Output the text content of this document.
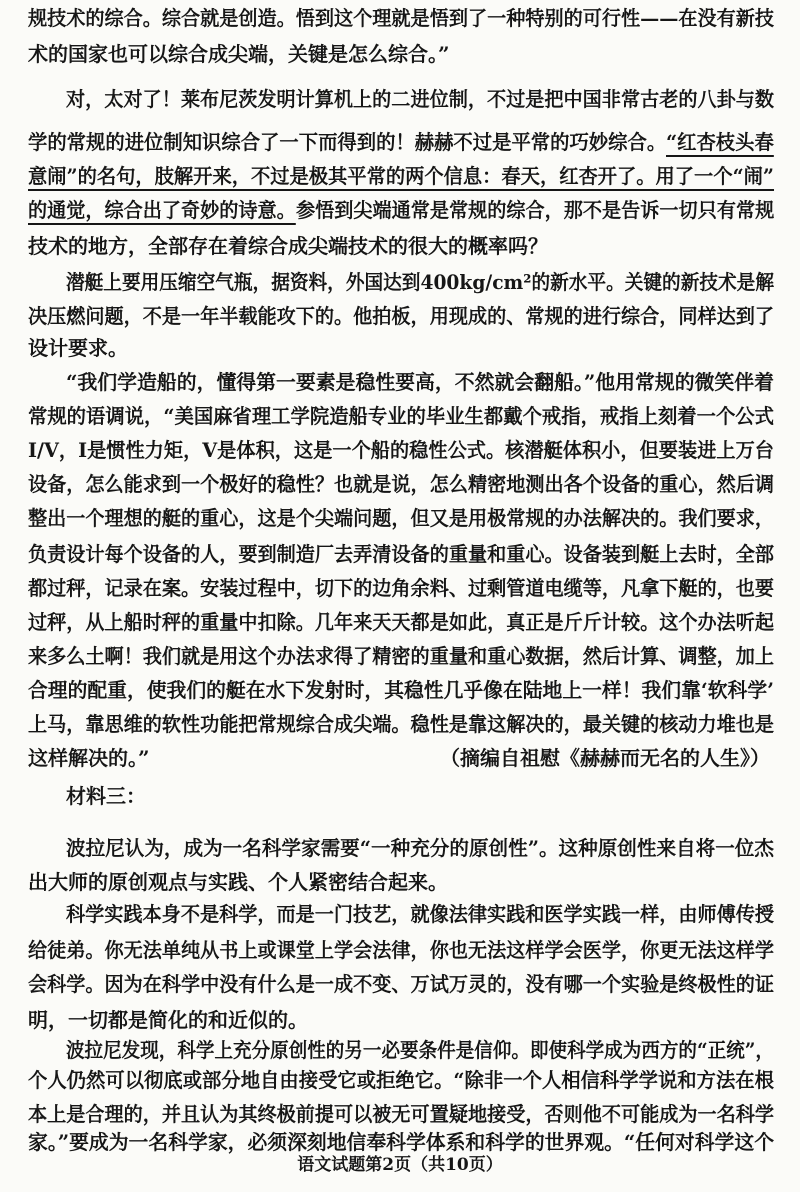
（摘编自祖慰《赫赫而无名的人生》）
材料三：
语文试题第2页（共10页）
规技术的综合。综合就是创造。悟到这个理就是悟到了一种特别的可行性——在没有新技
术的国家也可以综合成尖端，关键是怎么综合。”
对，太对了！莱布尼茨发明计算机上的二进位制，不过是把中国非常古老的八卦与数
学的常规的进位制知识综合了一下而得到的！赫赫不过是平常的巧妙综合。 “红杏枝头春
意闹”的名句，肢解开来，不过是极其平常的两个信息：春天，红杏开了。用了一个“闹”
的通觉，综合出了奇妙的诗意。 参悟到尖端通常是常规的综合，那不是告诉一切只有常规
技术的地方，全部存在着综合成尖端技术的很大的概率吗？
潜艇上要用压缩空气瓶，据资料，外国达到400kg/cm²的新水平。关键的新技术是解
决压燃问题，不是一年半载能攻下的。他拍板，用现成的、常规的进行综合，同样达到了
设计要求。
“我们学造船的，懂得第一要素是稳性要高，不然就会翻船。”他用常规的微笑伴着
常规的语调说，“美国麻省理工学院造船专业的毕业生都戴个戒指，戒指上刻着一个公式
I/V，I是惯性力矩，V是体积，这是一个船的稳性公式。核潜艇体积小，但要装进上万台
设备，怎么能求到一个极好的稳性？也就是说，怎么精密地测出各个设备的重心，然后调
整出一个理想的艇的重心，这是个尖端问题，但又是用极常规的办法解决的。我们要求，
负责设计每个设备的人，要到制造厂去弄清设备的重量和重心。设备装到艇上去时，全部
都过秤，记录在案。安装过程中，切下的边角余料、过剩管道电缆等，凡拿下艇的，也要
过秤，从上船时秤的重量中扣除。几年来天天都是如此，真正是斤斤计较。这个办法听起
来多么土啊！我们就是用这个办法求得了精密的重量和重心数据，然后计算、调整，加上
合理的配重，使我们的艇在水下发射时，其稳性几乎像在陆地上一样！我们靠‘软科学’
上马，靠思维的软性功能把常规综合成尖端。稳性是靠这解决的，最关键的核动力堆也是
这样解决的。”
波拉尼认为，成为一名科学家需要“一种充分的原创性”。这种原创性来自将一位杰
出大师的原创观点与实践、个人紧密结合起来。
科学实践本身不是科学，而是一门技艺，就像法律实践和医学实践一样，由师傅传授
给徒弟。你无法单纯从书上或课堂上学会法律，你也无法这样学会医学，你更无法这样学
会科学。因为在科学中没有什么是一成不变、万试万灵的，没有哪一个实验是终极性的证
明，一切都是简化的和近似的。
波拉尼发现，科学上充分原创性的另一必要条件是信仰。即使科学成为西方的“正统”，
个人仍然可以彻底或部分地自由接受它或拒绝它。“除非一个人相信科学学说和方法在根
本上是合理的，并且认为其终极前提可以被无可置疑地接受，否则他不可能成为一名科学
家。”要成为一名科学家，必须深刻地信奉科学体系和科学的世界观。“任何对科学这个
